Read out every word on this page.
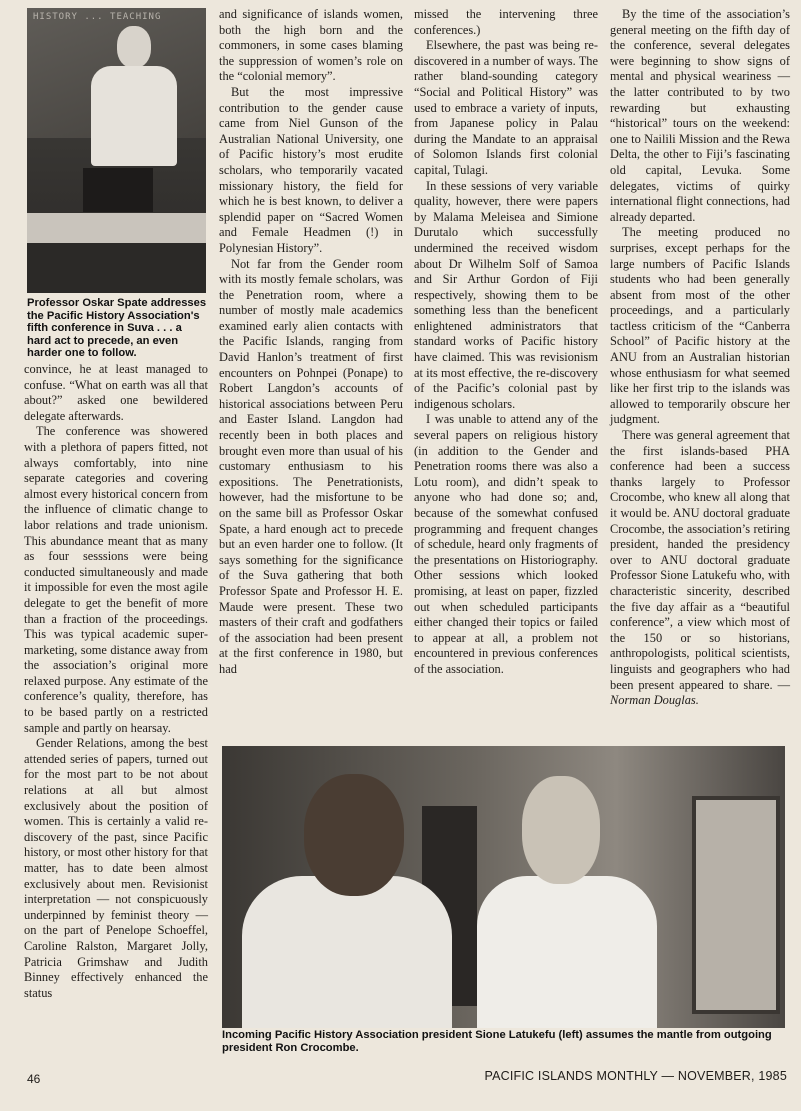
HISTORY ... TEACHING
Professor Oskar Spate addresses the Pacific History Association's fifth conference in Suva . . . a hard act to precede, an even harder one to follow.

convince, he at least managed to confuse. “What on earth was all that about?” asked one bewildered delegate afterwards.

The conference was showered with a plethora of papers fitted, not always comfortably, into nine separate categories and covering almost every historical concern from the influence of climatic change to labor relations and trade unionism. This abundance meant that as many as four sesssions were being conducted simultaneously and made it impossible for even the most agile delegate to get the benefit of more than a fraction of the proceedings. This was typical academic super-marketing, some distance away from the association’s original more relaxed purpose. Any estimate of the conference’s quality, therefore, has to be based partly on a restricted sample and partly on hearsay.

Gender Relations, among the best attended series of papers, turned out for the most part to be not about relations at all but almost exclusively about the position of women. This is certainly a valid re-discovery of the past, since Pacific history, or most other history for that matter, has to date been almost exclusively about men. Revisionist interpretation — not conspicuously underpinned by feminist theory — on the part of Penelope Schoeffel, Caroline Ralston, Margaret Jolly, Patricia Grimshaw and Judith Binney effectively enhanced the status

and significance of islands women, both the high born and the commoners, in some cases blaming the suppression of women’s role on the “colonial memory”.

But the most impressive contribution to the gender cause came from Niel Gunson of the Australian National University, one of Pacific history’s most erudite scholars, who temporarily vacated missionary history, the field for which he is best known, to deliver a splendid paper on “Sacred Women and Female Headmen (!) in Polynesian History”.

Not far from the Gender room with its mostly female scholars, was the Penetration room, where a number of mostly male academics examined early alien contacts with the Pacific Islands, ranging from David Hanlon’s treatment of first encounters on Pohnpei (Ponape) to Robert Langdon’s accounts of historical associations between Peru and Easter Island. Langdon had recently been in both places and brought even more than usual of his customary enthusiasm to his expositions. The Penetrationists, however, had the misfortune to be on the same bill as Professor Oskar Spate, a hard enough act to precede but an even harder one to follow. (It says something for the significance of the Suva gathering that both Professor Spate and Professor H. E. Maude were present. These two masters of their craft and godfathers of the association had been present at the first conference in 1980, but had

missed the intervening three conferences.)

Elsewhere, the past was being re-discovered in a number of ways. The rather bland-sounding category “Social and Political History” was used to embrace a variety of inputs, from Japanese policy in Palau during the Mandate to an appraisal of Solomon Islands first colonial capital, Tulagi.

In these sessions of very variable quality, however, there were papers by Malama Meleisea and Simione Durutalo which successfully undermined the received wisdom about Dr Wilhelm Solf of Samoa and Sir Arthur Gordon of Fiji respectively, showing them to be something less than the beneficent enlightened administrators that standard works of Pacific history have claimed. This was revisionism at its most effective, the re-discovery of the Pacific’s colonial past by indigenous scholars.

I was unable to attend any of the several papers on religious history (in addition to the Gender and Penetration rooms there was also a Lotu room), and didn’t speak to anyone who had done so; and, because of the somewhat confused programming and frequent changes of schedule, heard only fragments of the presentations on Historiography. Other sessions which looked promising, at least on paper, fizzled out when scheduled participants either changed their topics or failed to appear at all, a problem not encountered in previous conferences of the association.

By the time of the association’s general meeting on the fifth day of the conference, several delegates were beginning to show signs of mental and physical weariness — the latter contributed to by two rewarding but exhausting “historical” tours on the weekend: one to Nailili Mission and the Rewa Delta, the other to Fiji’s fascinating old capital, Levuka. Some delegates, victims of quirky international flight connections, had already departed.

The meeting produced no surprises, except perhaps for the large numbers of Pacific Islands students who had been generally absent from most of the other proceedings, and a particularly tactless criticism of the “Canberra School” of Pacific history at the ANU from an Australian historian whose enthusiasm for what seemed like her first trip to the islands was allowed to temporarily obscure her judgment.

There was general agreement that the first islands-based PHA conference had been a success thanks largely to Professor Crocombe, who knew all along that it would be. ANU doctoral graduate Crocombe, the association’s retiring president, handed the presidency over to ANU doctoral graduate Professor Sione Latukefu who, with characteristic sincerity, described the five day affair as a “beautiful conference”, a view which most of the 150 or so historians, anthropologists, political scientists, linguists and geographers who had been present appeared to share. — Norman Douglas.

Incoming Pacific History Association president Sione Latukefu (left) assumes the mantle from outgoing president Ron Crocombe.
46	PACIFIC ISLANDS MONTHLY — NOVEMBER, 1985
